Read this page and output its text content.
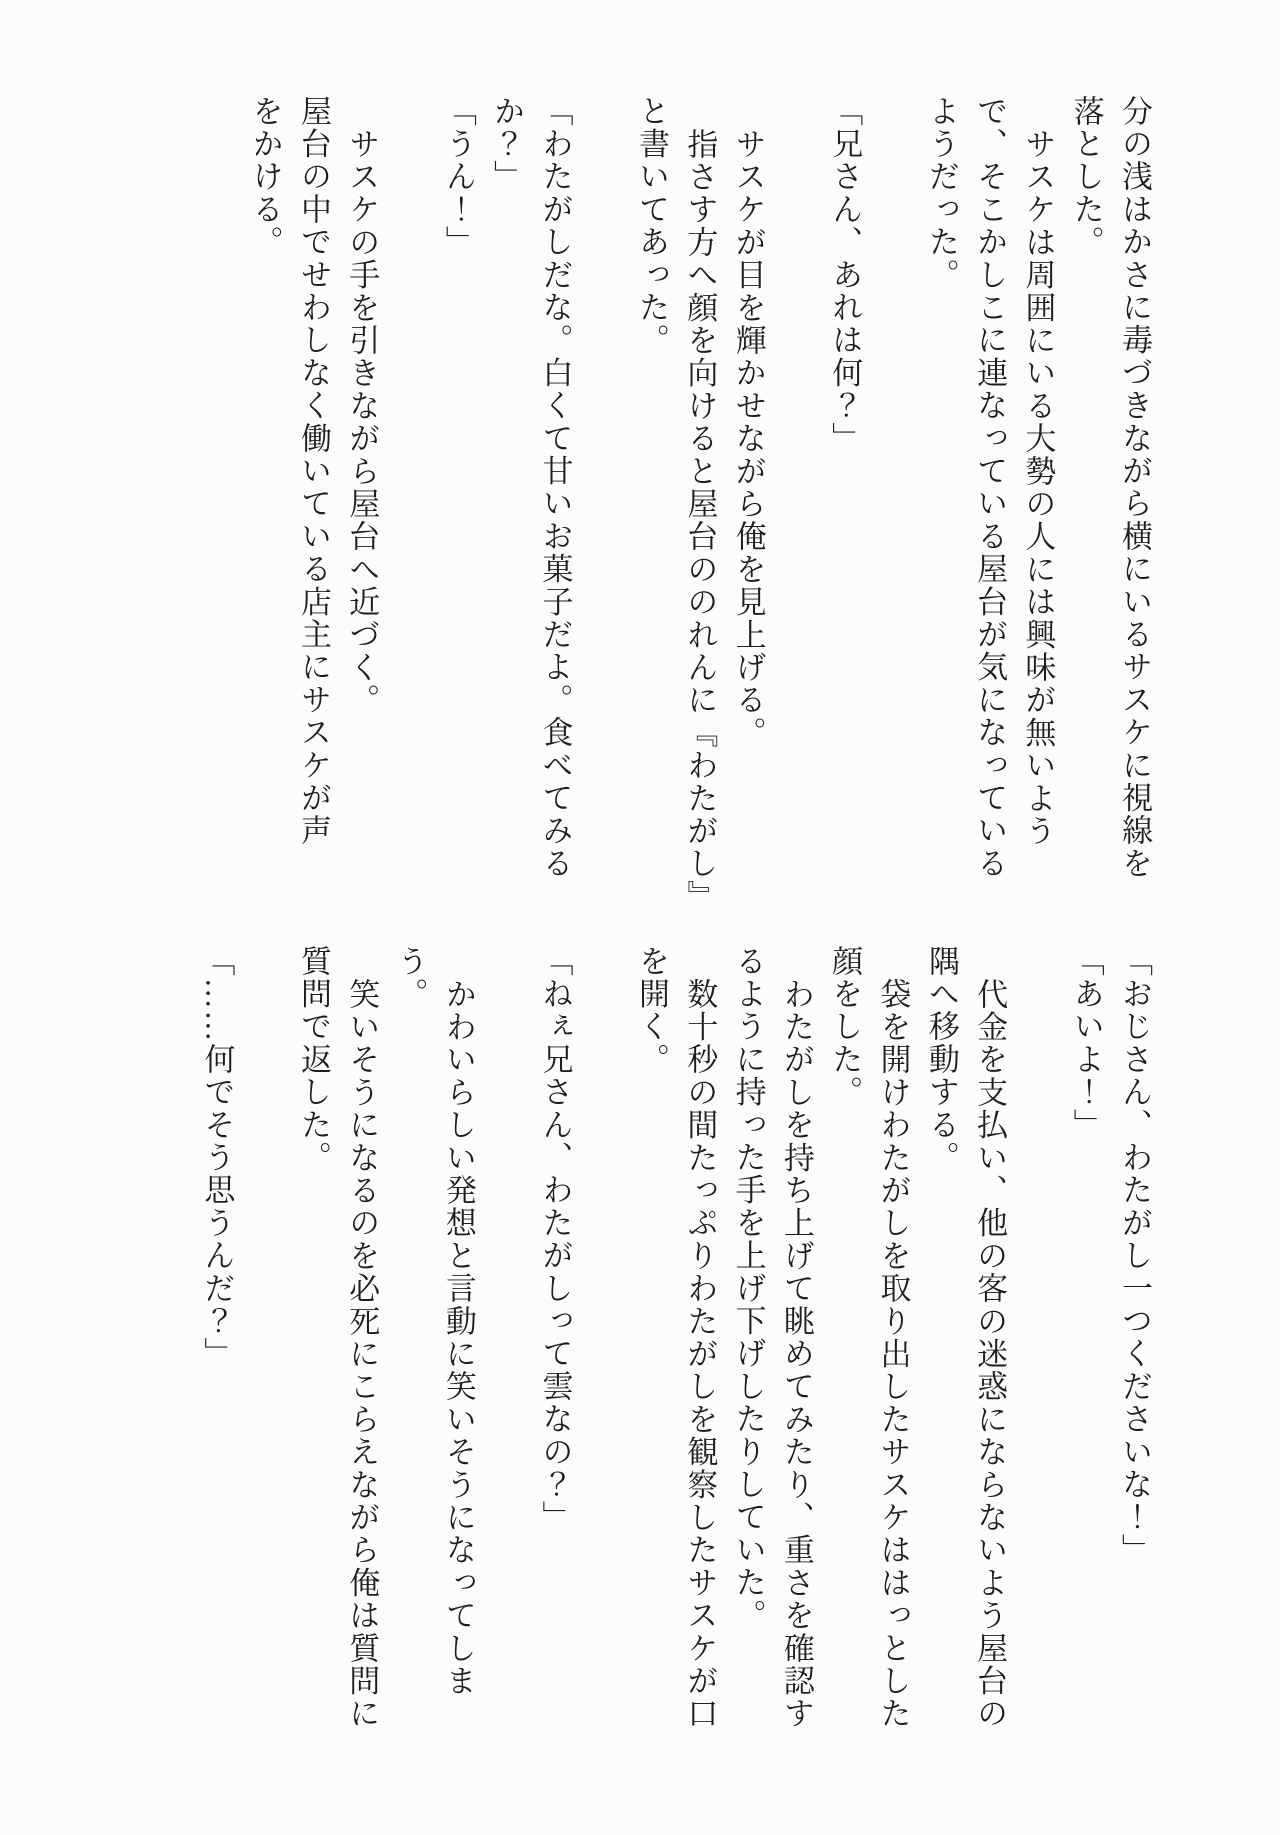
分の浅はかさに毒づきながら横にいるサスケに視線を
落とした。
サスケは周囲にいる大勢の人には興味が無いよう
で、そこかしこに連なっている屋台が気になっている
ようだった。
「兄さん、あれは何？」
サスケが目を輝かせながら俺を見上げる。
指さす方へ顔を向けると屋台ののれんに『わたがし』
と書いてあった。
「わたがしだな。白くて甘いお菓子だよ。食べてみる
か？」
「うん！」
サスケの手を引きながら屋台へ近づく。
屋台の中でせわしなく働いている店主にサスケが声
をかける。
「おじさん、わたがし一つくださいな！」
「あいよ！」
代金を支払い、他の客の迷惑にならないよう屋台の
隅へ移動する。
袋を開けわたがしを取り出したサスケははっとした
顔をした。
わたがしを持ち上げて眺めてみたり、重さを確認す
るように持った手を上げ下げしたりしていた。
数十秒の間たっぷりわたがしを観察したサスケが口
を開く。
「ねぇ兄さん、わたがしって雲なの？」
かわいらしい発想と言動に笑いそうになってしま
う。
笑いそうになるのを必死にこらえながら俺は質問に
質問で返した。
「……何でそう思うんだ？」
